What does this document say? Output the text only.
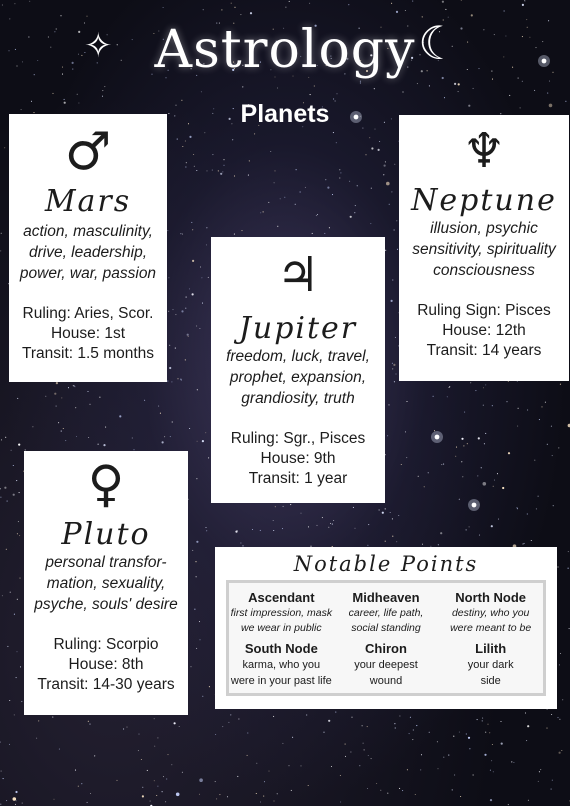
✧ Astrology ☾
Planets
♂
Mars
action, masculinity,
drive, leadership,
power, war, passion
Ruling: Aries, Scor.
House: 1st
Transit: 1.5 months
♆
Neptune
illusion, psychic
sensitivity, spirituality
consciousness
Ruling Sign: Pisces
House: 12th
Transit: 14 years
♃
Jupiter
freedom, luck, travel,
prophet, expansion,
grandiosity, truth
Ruling: Sgr., Pisces
House: 9th
Transit: 1 year
♀
Pluto
personal transfor-
mation, sexuality,
psyche, souls' desire
Ruling: Scorpio
House: 8th
Transit: 14-30 years
Notable Points
Ascendant
first impression, mask
we wear in public
Midheaven
career, life path,
social standing
North Node
destiny, who you
were meant to be
South Node
karma, who you
were in your past life
Chiron
your deepest
wound
Lilith
your dark
side
